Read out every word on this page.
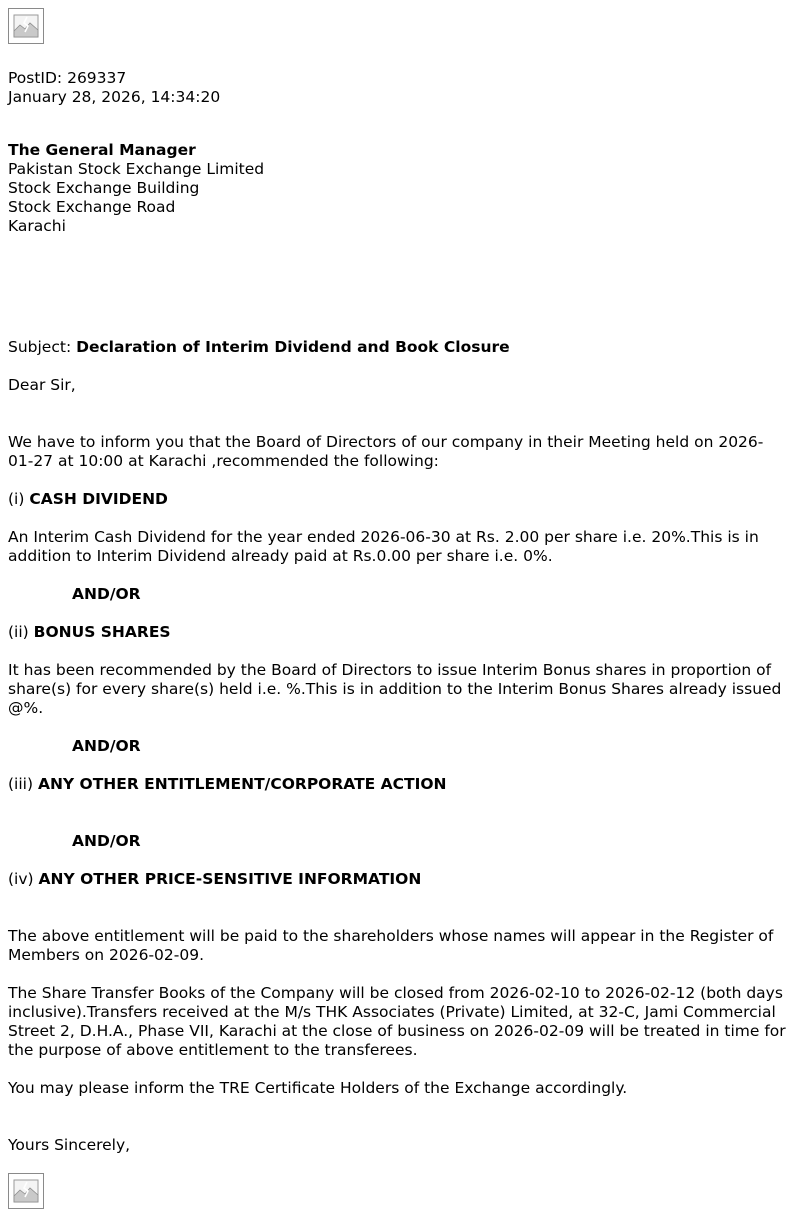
PostID: 269337

January 28, 2026, 14:34:20

The General Manager

Pakistan Stock Exchange Limited

Stock Exchange Building

Stock Exchange Road

Karachi

Subject: Declaration of Interim Dividend and Book Closure

Dear Sir,

We have to inform you that the Board of Directors of our company in their Meeting held on 2026-01-27 at 10:00 at Karachi ,recommended the following:

(i) CASH DIVIDEND

An Interim Cash Dividend for the year ended 2026-06-30 at Rs. 2.00 per share i.e. 20%.This is in addition to Interim Dividend already paid at Rs.0.00 per share i.e. 0%.

AND/OR

(ii) BONUS SHARES

It has been recommended by the Board of Directors to issue Interim Bonus shares in proportion of share(s) for every share(s) held i.e. %.This is in addition to the Interim Bonus Shares already issued @%.

AND/OR

(iii) ANY OTHER ENTITLEMENT/CORPORATE ACTION

AND/OR

(iv) ANY OTHER PRICE-SENSITIVE INFORMATION

The above entitlement will be paid to the shareholders whose names will appear in the Register of Members on 2026-02-09.

The Share Transfer Books of the Company will be closed from 2026-02-10 to 2026-02-12 (both days inclusive).Transfers received at the M/s THK Associates (Private) Limited, at 32-C, Jami Commercial Street 2, D.H.A., Phase VII, Karachi at the close of business on 2026-02-09 will be treated in time for the purpose of above entitlement to the transferees.

You may please inform the TRE Certificate Holders of the Exchange accordingly.

Yours Sincerely,
